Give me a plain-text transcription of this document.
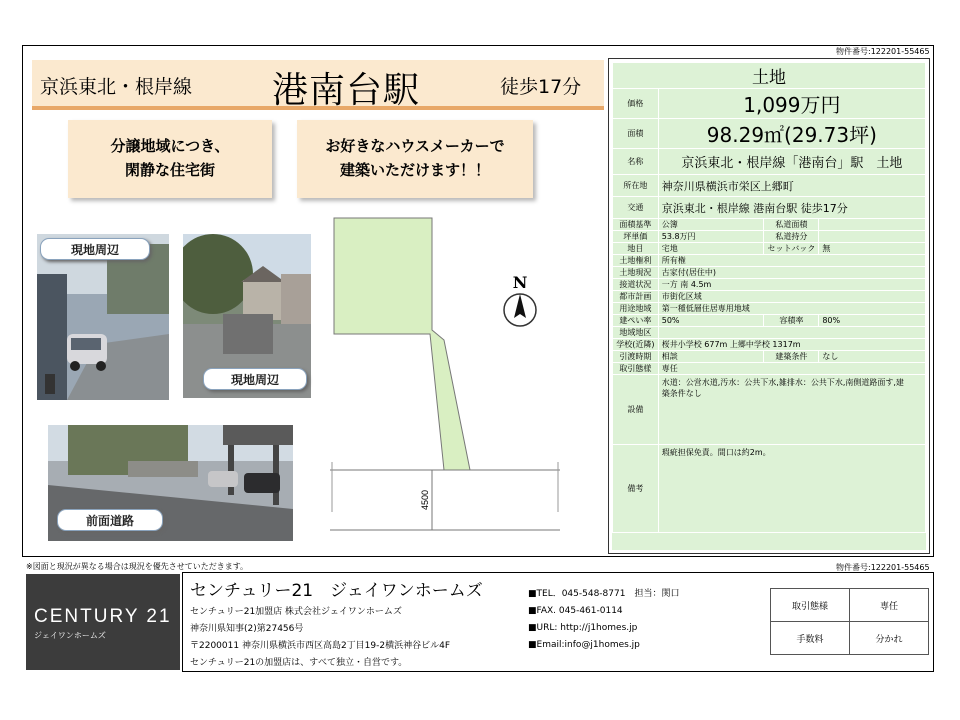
物件番号:122201-55465
京浜東北・根岸線 港南台駅	徒歩17分
分譲地域につき、
閑静な住宅街
お好きなハウスメーカーで
建築いただけます！！
現地周辺
現地周辺
前面道路
4500
N
土地			
価格	1,099万円		
面積	98.29㎡(29.73坪)		
名称	京浜東北・根岸線「港南台」駅　土地		
所在地	神奈川県横浜市栄区上郷町		
交通	京浜東北・根岸線 港南台駅 徒歩17分		
面積基準	公簿	私道面積	
坪単価	53.8万円	私道持分	
地目	宅地	セットバック	無
土地権利	所有権		
土地現況	古家付(居住中)		
接道状況	一方 南 4.5m		
都市計画	市街化区域		
用途地域	第一種低層住居専用地域		
建ぺい率	50%	容積率	80%
地域地区			
学校(近隣)	桜井小学校 677m 上郷中学校 1317m		
引渡時期	相談	建築条件	なし
取引態様	専任		
設備	水道：公営水道,汚水：公共下水,雑排水：公共下水,南側道路面す,建
築条件なし		

備考	瑕疵担保免責。間口は約2m。		
※図面と現況が異なる場合は現況を優先させていただきます。	物件番号:122201-55465
CENTURY 21
ジェイワンホームズ
センチュリー21　ジェイワンホームズ
センチュリー21加盟店 株式会社ジェイワンホームズ
神奈川県知事(2)第27456号
〒2200011 神奈川県横浜市西区高島2丁目19-2横浜神谷ビル4F
センチュリー21の加盟店は、すべて独立・自営です。
■TEL．045-548-8771　担当：関口
■FAX. 045-461-0114
■URL: http://j1homes.jp
■Email:info@j1homes.jp
取引態様	専任
手数料	分かれ
